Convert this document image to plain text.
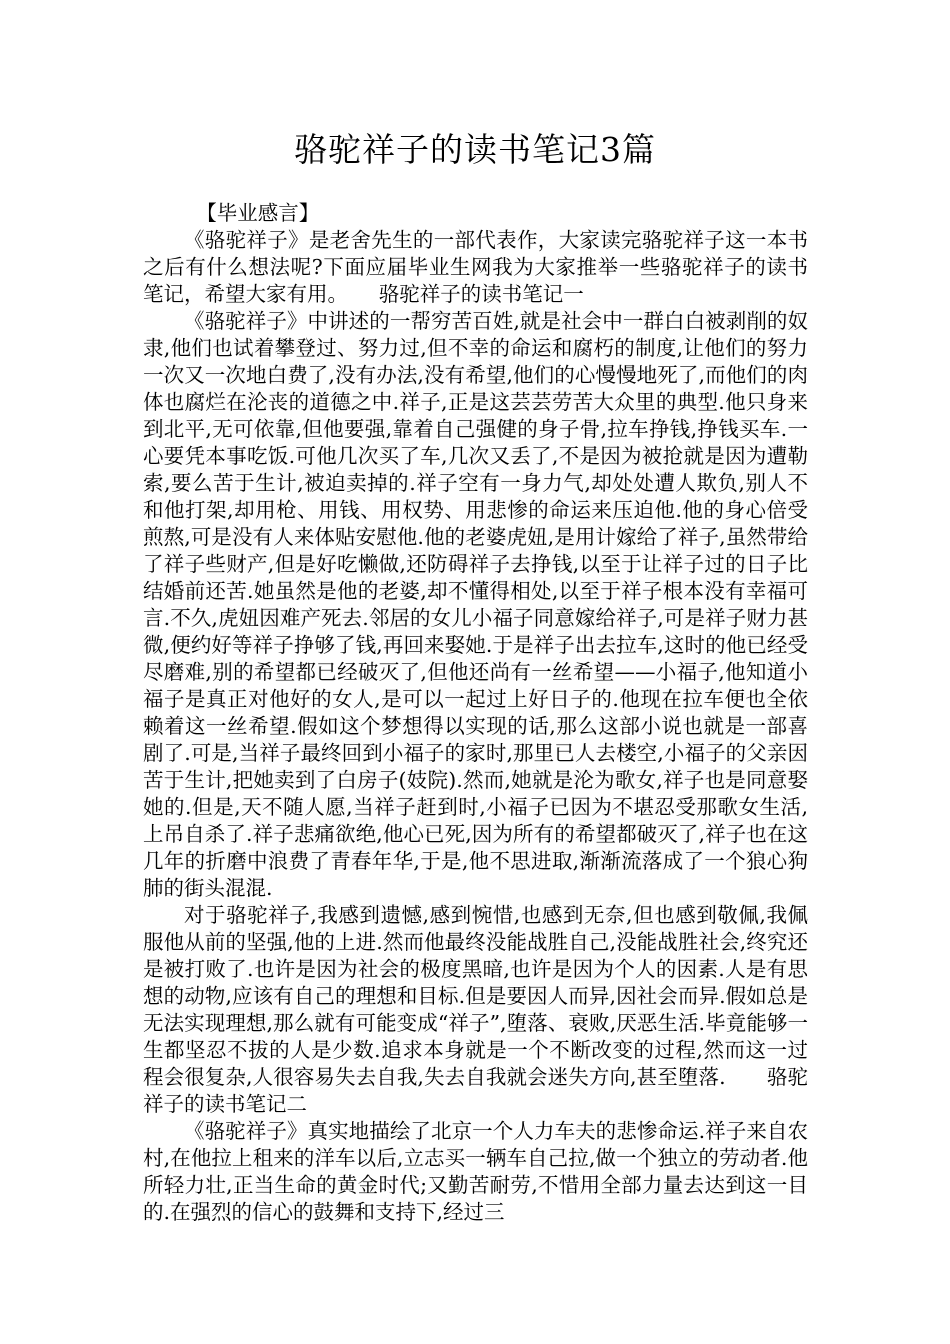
骆驼祥子的读书笔记3篇

【毕业感言】

《骆驼祥子》是老舍先生的一部代表作，大家读完骆驼祥子这一本书之后有什么想法呢?下面应届毕业生网我为大家推举一些骆驼祥子的读书笔记，希望大家有用。　　骆驼祥子的读书笔记一

《骆驼祥子》中讲述的一帮穷苦百姓,就是社会中一群白白被剥削的奴隶,他们也试着攀登过、努力过,但不幸的命运和腐朽的制度,让他们的努力一次又一次地白费了,没有办法,没有希望,他们的心慢慢地死了,而他们的肉体也腐烂在沦丧的道德之中.祥子,正是这芸芸劳苦大众里的典型.他只身来到北平,无可依靠,但他要强,靠着自己强健的身子骨,拉车挣钱,挣钱买车.一心要凭本事吃饭.可他几次买了车,几次又丢了,不是因为被抢就是因为遭勒索,要么苦于生计,被迫卖掉的.祥子空有一身力气,却处处遭人欺负,别人不和他打架,却用枪、用钱、用权势、用悲惨的命运来压迫他.他的身心倍受煎熬,可是没有人来体贴安慰他.他的老婆虎妞,是用计嫁给了祥子,虽然带给了祥子些财产,但是好吃懒做,还防碍祥子去挣钱,以至于让祥子过的日子比结婚前还苦.她虽然是他的老婆,却不懂得相处,以至于祥子根本没有幸福可言.不久,虎妞因难产死去.邻居的女儿小福子同意嫁给祥子,可是祥子财力甚微,便约好等祥子挣够了钱,再回来娶她.于是祥子出去拉车,这时的他已经受尽磨难,别的希望都已经破灭了,但他还尚有一丝希望——小福子,他知道小福子是真正对他好的女人,是可以一起过上好日子的.他现在拉车便也全依赖着这一丝希望.假如这个梦想得以实现的话,那么这部小说也就是一部喜剧了.可是,当祥子最终回到小福子的家时,那里已人去楼空,小福子的父亲因苦于生计,把她卖到了白房子(妓院).然而,她就是沦为歌女,祥子也是同意娶她的.但是,天不随人愿,当祥子赶到时,小福子已因为不堪忍受那歌女生活,上吊自杀了.祥子悲痛欲绝,他心已死,因为所有的希望都破灭了,祥子也在这几年的折磨中浪费了青春年华,于是,他不思进取,渐渐流落成了一个狼心狗肺的街头混混.

对于骆驼祥子,我感到遗憾,感到惋惜,也感到无奈,但也感到敬佩,我佩服他从前的坚强,他的上进.然而他最终没能战胜自己,没能战胜社会,终究还是被打败了.也许是因为社会的极度黑暗,也许是因为个人的因素.人是有思想的动物,应该有自己的理想和目标.但是要因人而异,因社会而异.假如总是无法实现理想,那么就有可能变成“祥子”,堕落、衰败,厌恶生活.毕竟能够一生都坚忍不拔的人是少数.追求本身就是一个不断改变的过程,然而这一过程会很复杂,人很容易失去自我,失去自我就会迷失方向,甚至堕落.　　骆驼祥子的读书笔记二

《骆驼祥子》真实地描绘了北京一个人力车夫的悲惨命运.祥子来自农村,在他拉上租来的洋车以后,立志买一辆车自己拉,做一个独立的劳动者.他所轻力壮,正当生命的黄金时代;又勤苦耐劳,不惜用全部力量去达到这一目的.在强烈的信心的鼓舞和支持下,经过三
